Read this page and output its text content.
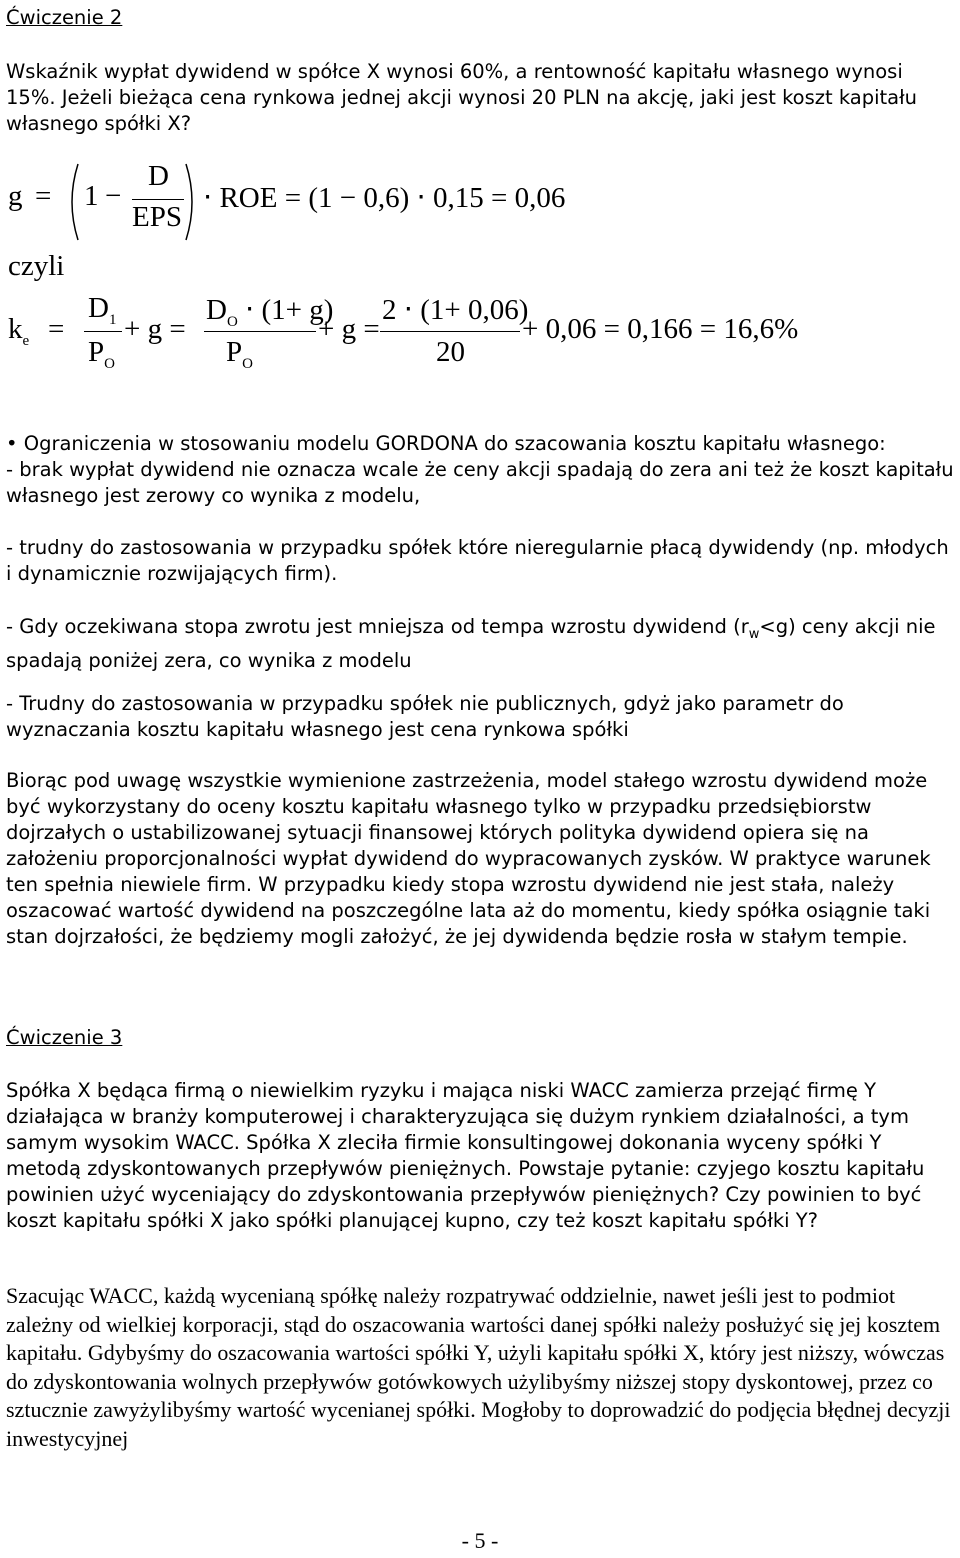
Ćwiczenie 2

Wskaźnik wypłat dywidend w spółce X wynosi 60%, a rentowność kapitału własnego wynosi 15%. Jeżeli bieżąca cena rynkowa jednej akcji wynosi 20 PLN na akcję, jaki jest koszt kapitału własnego spółki X?

g = 1 −
D
EPS
⋅ ROE = (1 − 0,6) ⋅ 0,15 = 0,06
czyli
$k_e$ =
$D_1$
$P_O$
+ g =
$D_O \cdot (1+ g)$
$P_O$
+ g =
2 ⋅ (1+ 0,06)
20
+ 0,06 = 0,166 = 16,6%
• Ograniczenia w stosowaniu modelu GORDONA do szacowania kosztu kapitału własnego:

- brak wypłat dywidend nie oznacza wcale że ceny akcji spadają do zera ani też że koszt kapitału własnego jest zerowy co wynika z modelu,

- trudny do zastosowania w przypadku spółek które nieregularnie płacą dywidendy (np. młodych i dynamicznie rozwijających firm).

- Gdy oczekiwana stopa zwrotu jest mniejsza od tempa wzrostu dywidend $(r_w<g)$ ceny akcji nie spadają poniżej zera, co wynika z modelu

- Trudny do zastosowania w przypadku spółek nie publicznych, gdyż jako parametr do wyznaczania kosztu kapitału własnego jest cena rynkowa spółki

Biorąc pod uwagę wszystkie wymienione zastrzeżenia, model stałego wzrostu dywidend może być wykorzystany do oceny kosztu kapitału własnego tylko w przypadku przedsiębiorstw dojrzałych o ustabilizowanej sytuacji finansowej których polityka dywidend opiera się na założeniu proporcjonalności wypłat dywidend do wypracowanych zysków. W praktyce warunek ten spełnia niewiele firm. W przypadku kiedy stopa wzrostu dywidend nie jest stała, należy oszacować wartość dywidend na poszczególne lata aż do momentu, kiedy spółka osiągnie taki stan dojrzałości, że będziemy mogli założyć, że jej dywidenda będzie rosła w stałym tempie.

Ćwiczenie 3

Spółka X będąca firmą o niewielkim ryzyku i mająca niski WACC zamierza przejąć firmę Y działająca w branży komputerowej i charakteryzująca się dużym rynkiem działalności, a tym samym wysokim WACC. Spółka X zleciła firmie konsultingowej dokonania wyceny spółki Y metodą zdyskontowanych przepływów pieniężnych. Powstaje pytanie: czyjego kosztu kapitału powinien użyć wyceniający do zdyskontowania przepływów pieniężnych? Czy powinien to być koszt kapitału spółki X jako spółki planującej kupno, czy też koszt kapitału spółki Y?

Szacując WACC, każdą wycenianą spółkę należy rozpatrywać oddzielnie, nawet jeśli jest to podmiot zależny od wielkiej korporacji, stąd do oszacowania wartości danej spółki należy posłużyć się jej kosztem kapitału. Gdybyśmy do oszacowania wartości spółki Y, użyli kapitału spółki X, który jest niższy, wówczas do zdyskontowania wolnych przepływów gotówkowych użylibyśmy niższej stopy dyskontowej, przez co sztucznie zawyżylibyśmy wartość wycenianej spółki. Mogłoby to doprowadzić do podjęcia błędnej decyzji inwestycyjnej

- 5 -
